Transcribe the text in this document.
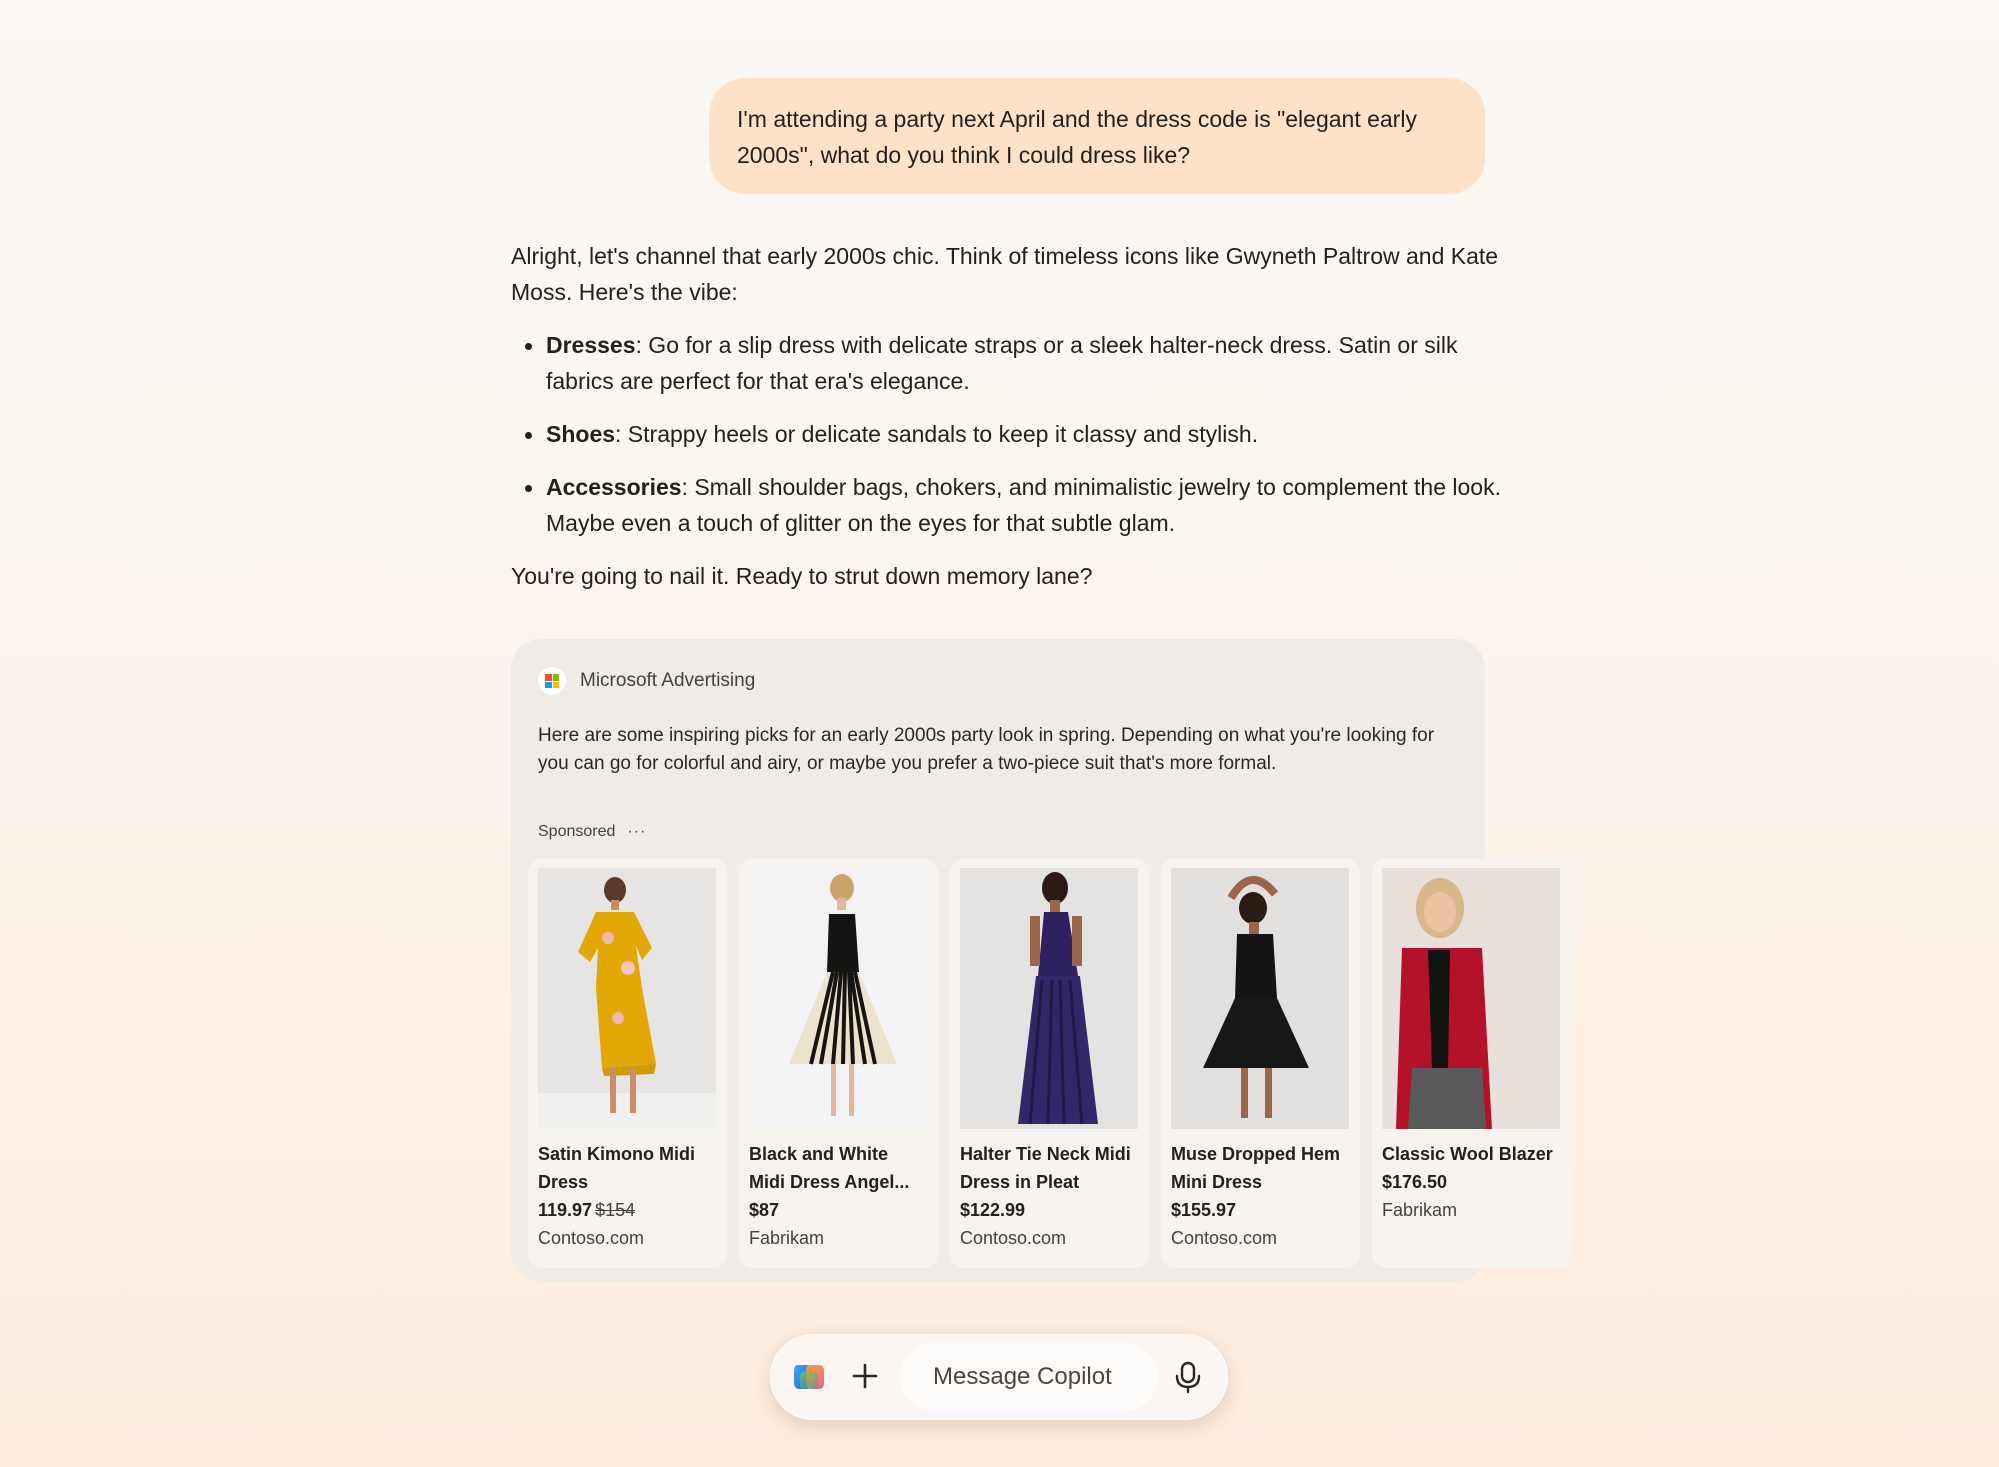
I'm attending a party next April and the dress code is "elegant early 2000s", what do you think I could dress like?

Alright, let's channel that early 2000s chic. Think of timeless icons like Gwyneth Paltrow and Kate Moss. Here's the vibe:

Dresses: Go for a slip dress with delicate straps or a sleek halter-neck dress. Satin or silk fabrics are perfect for that era's elegance.
Shoes: Strappy heels or delicate sandals to keep it classy and stylish.
Accessories: Small shoulder bags, chokers, and minimalistic jewelry to complement the look. Maybe even a touch of glitter on the eyes for that subtle glam.

You're going to nail it. Ready to strut down memory lane?

Microsoft Advertising
Here are some inspiring picks for an early 2000s party look in spring. Depending on what you're looking for you can go for colorful and airy, or maybe you prefer a two-piece suit that's more formal.
Sponsored ···
Satin Kimono Midi Dress
119.97 $154
Contoso.com
Black and White Midi Dress Angel...
$87
Fabrikam
Halter Tie Neck Midi Dress in Pleat
$122.99
Contoso.com
Muse Dropped Hem Mini Dress
$155.97
Contoso.com
Classic Wool Blazer
$176.50
Fabrikam
Message Copilot
